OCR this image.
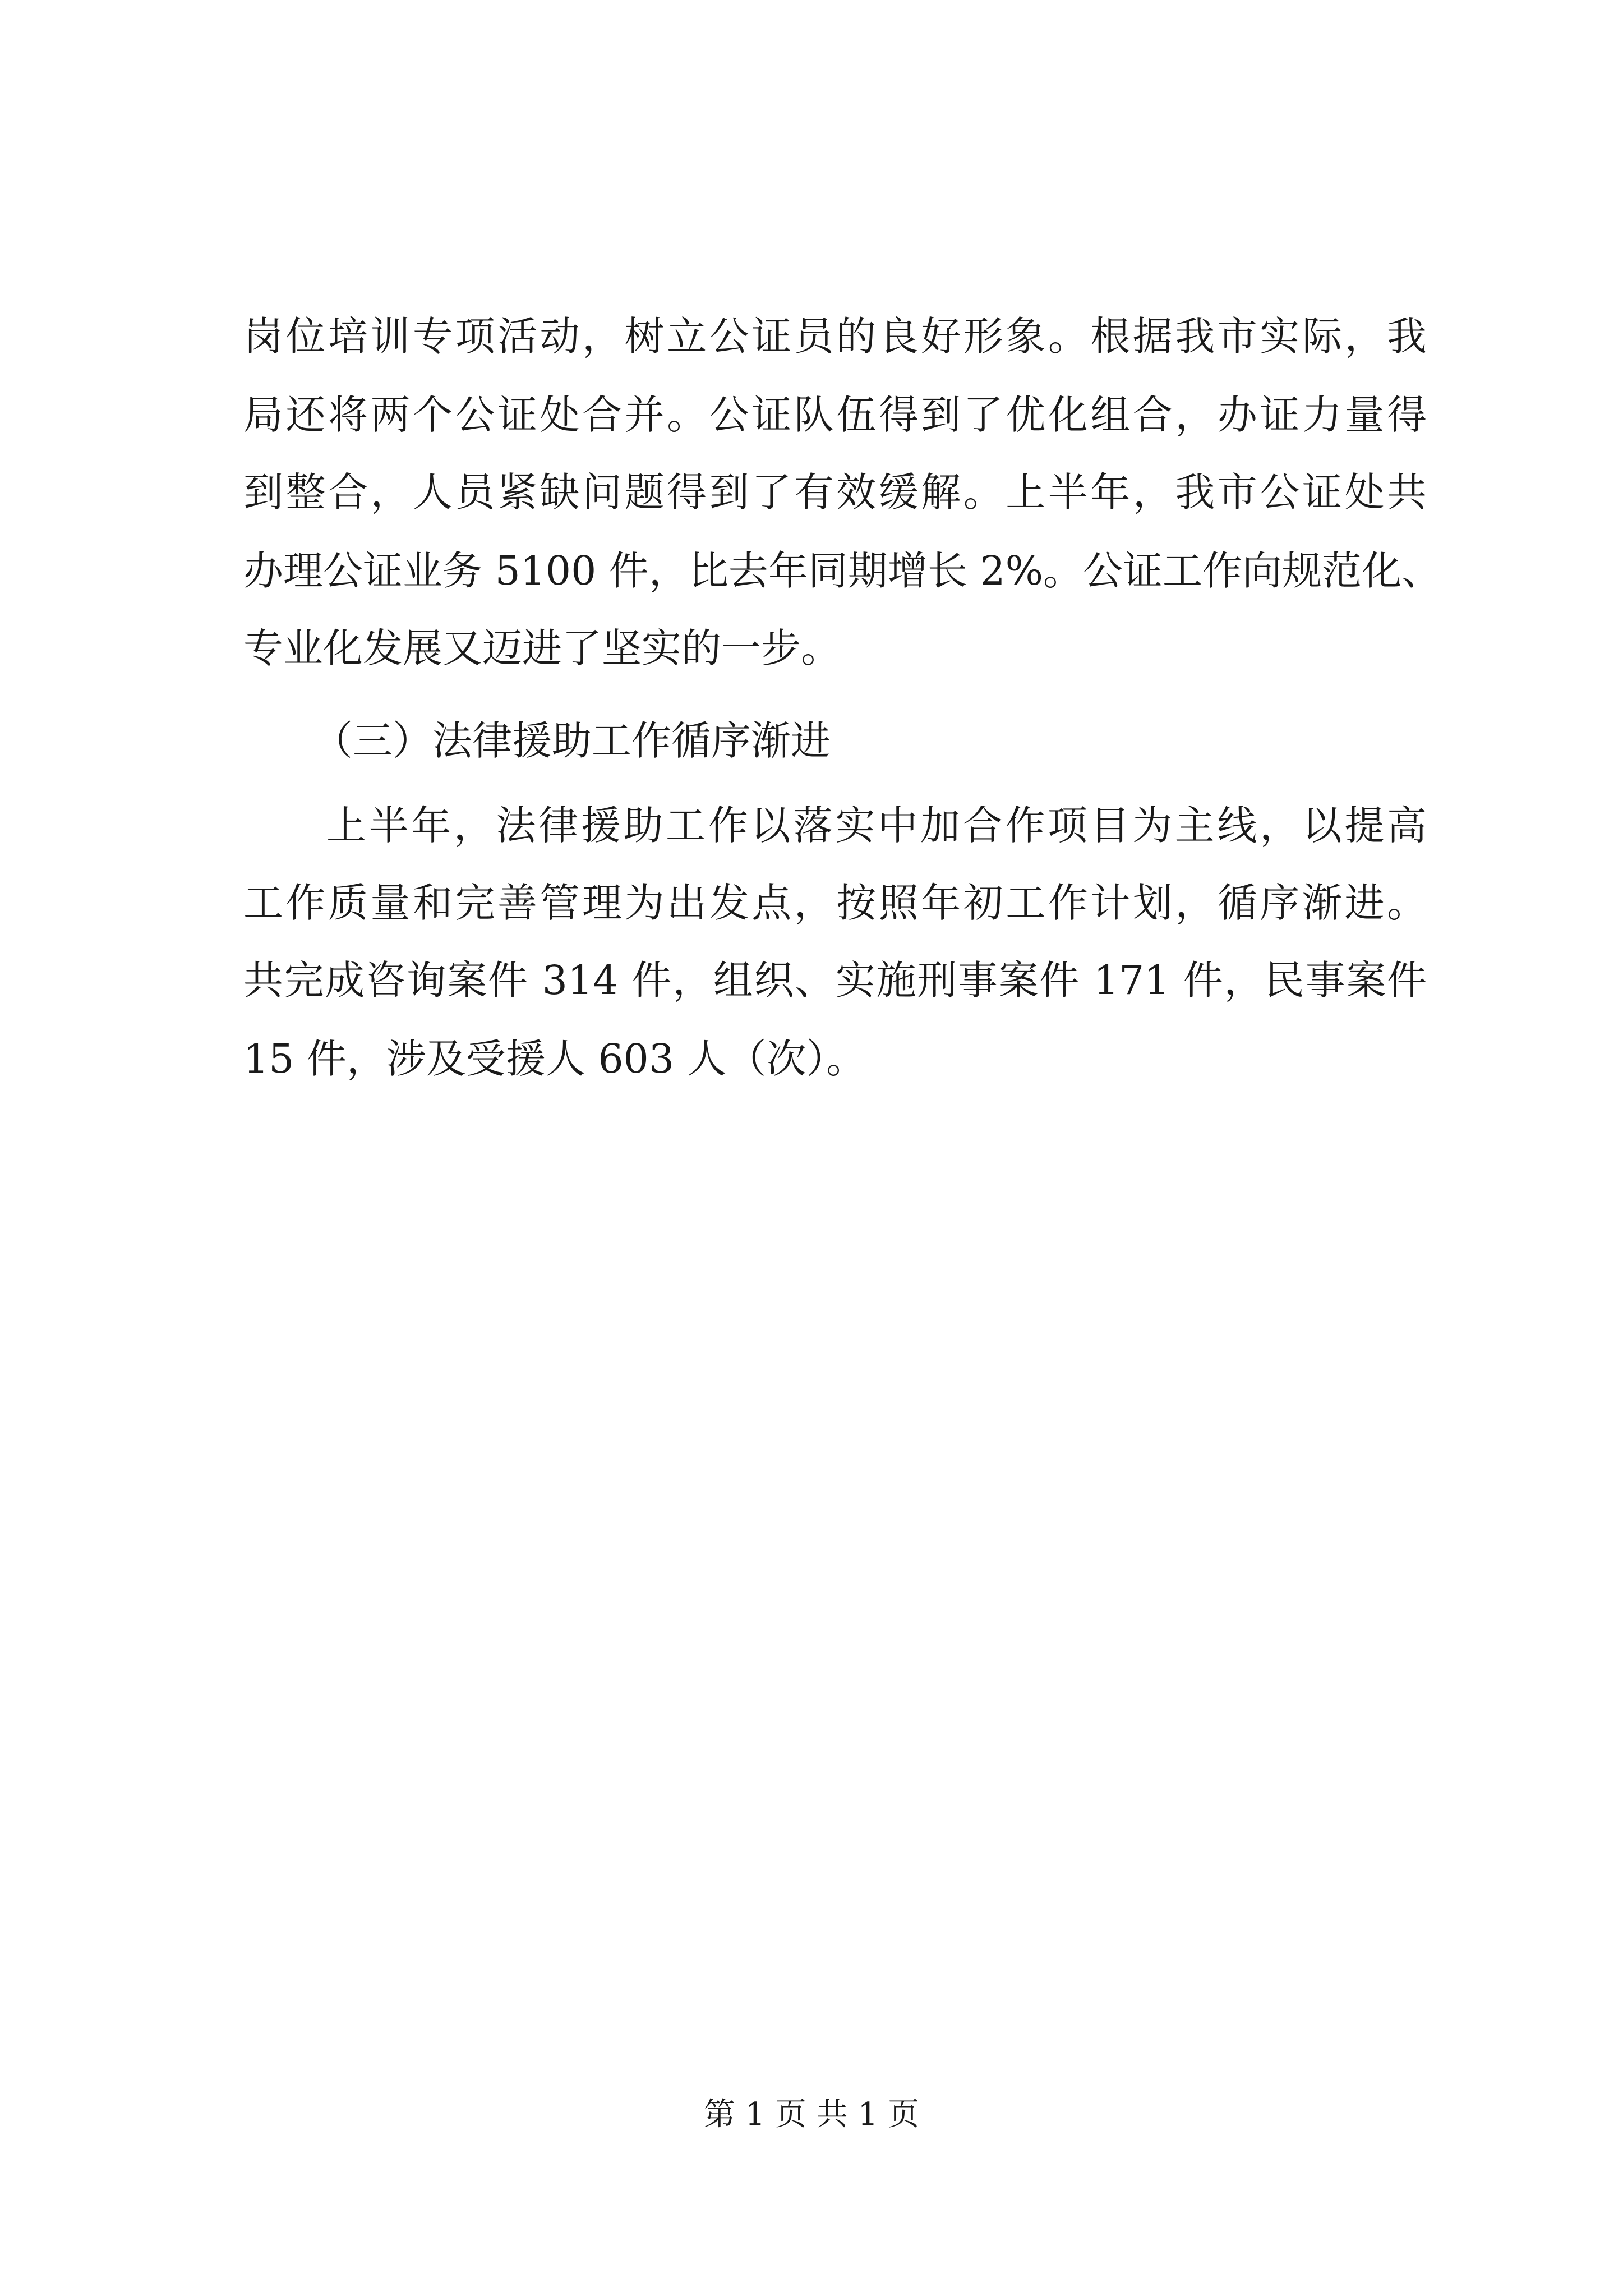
岗位培训专项活动，树立公证员的良好形象。根据我市实际，我
局还将两个公证处合并。公证队伍得到了优化组合，办证力量得
到整合，人员紧缺问题得到了有效缓解。上半年，我市公证处共
办理公证业务 5100 件，比去年同期增长 2%。公证工作向规范化、
专业化发展又迈进了坚实的一步。
（三）法律援助工作循序渐进
上半年，法律援助工作以落实中加合作项目为主线，以提高
工作质量和完善管理为出发点，按照年初工作计划，循序渐进。
共完成咨询案件 314 件，组织、实施刑事案件 171 件，民事案件
15 件，涉及受援人 603 人（次）。
第 1 页 共 1 页
